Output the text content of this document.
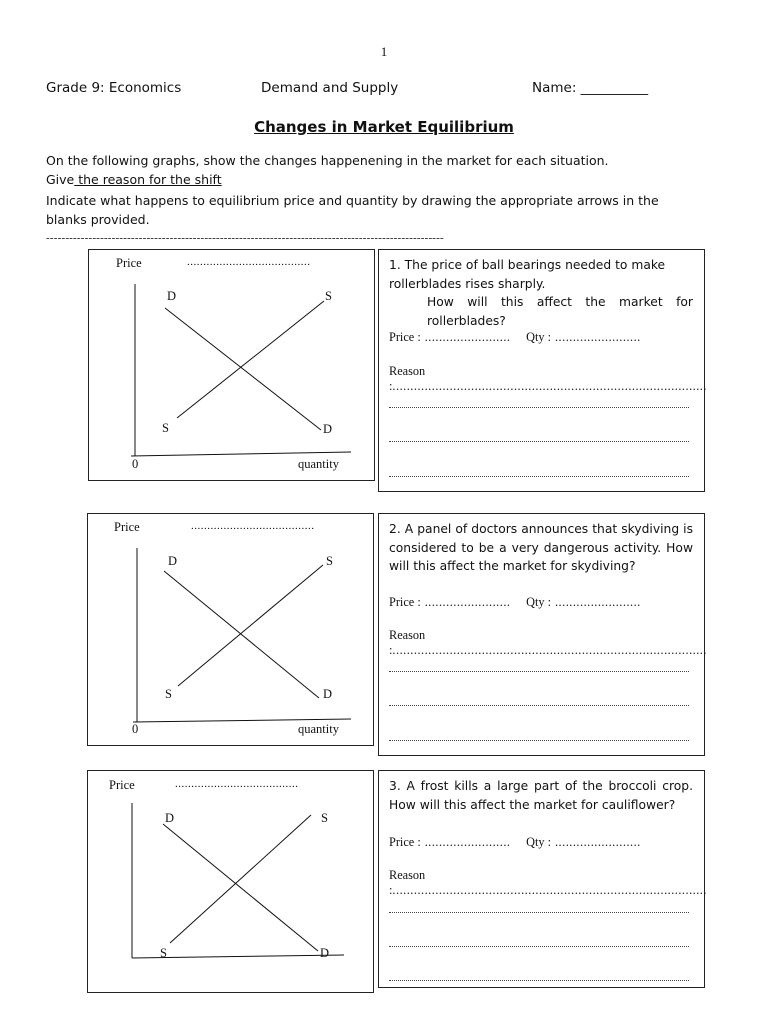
1
Grade 9: Economics	Demand and Supply	Name: __________
Changes in Market Equilibrium
On the following graphs, show the changes happenening in the market for each situation.
Give the reason for the shift
Indicate what happens to equilibrium price and quantity by drawing the appropriate arrows in the blanks provided.
-------------------------------------------------------------------------------------------------------
Price	......................................
D	S
S	D
0	quantity
1. The price of ball bearings needed to make rollerblades rises sharply.
How will this affect the market for rollerblades?
Price : ........................ Qty : ........................
Reason :........................................................................................
Price	......................................
D	S
S	D
0	quantity
2. A panel of doctors announces that skydiving is considered to be a very dangerous activity. How will this affect the market for skydiving?
Price : ........................ Qty : ........................
Reason :........................................................................................
Price	......................................
D	S
S	D
3. A frost kills a large part of the broccoli crop. How will this affect the market for cauliflower?
Price : ........................ Qty : ........................
Reason :........................................................................................
